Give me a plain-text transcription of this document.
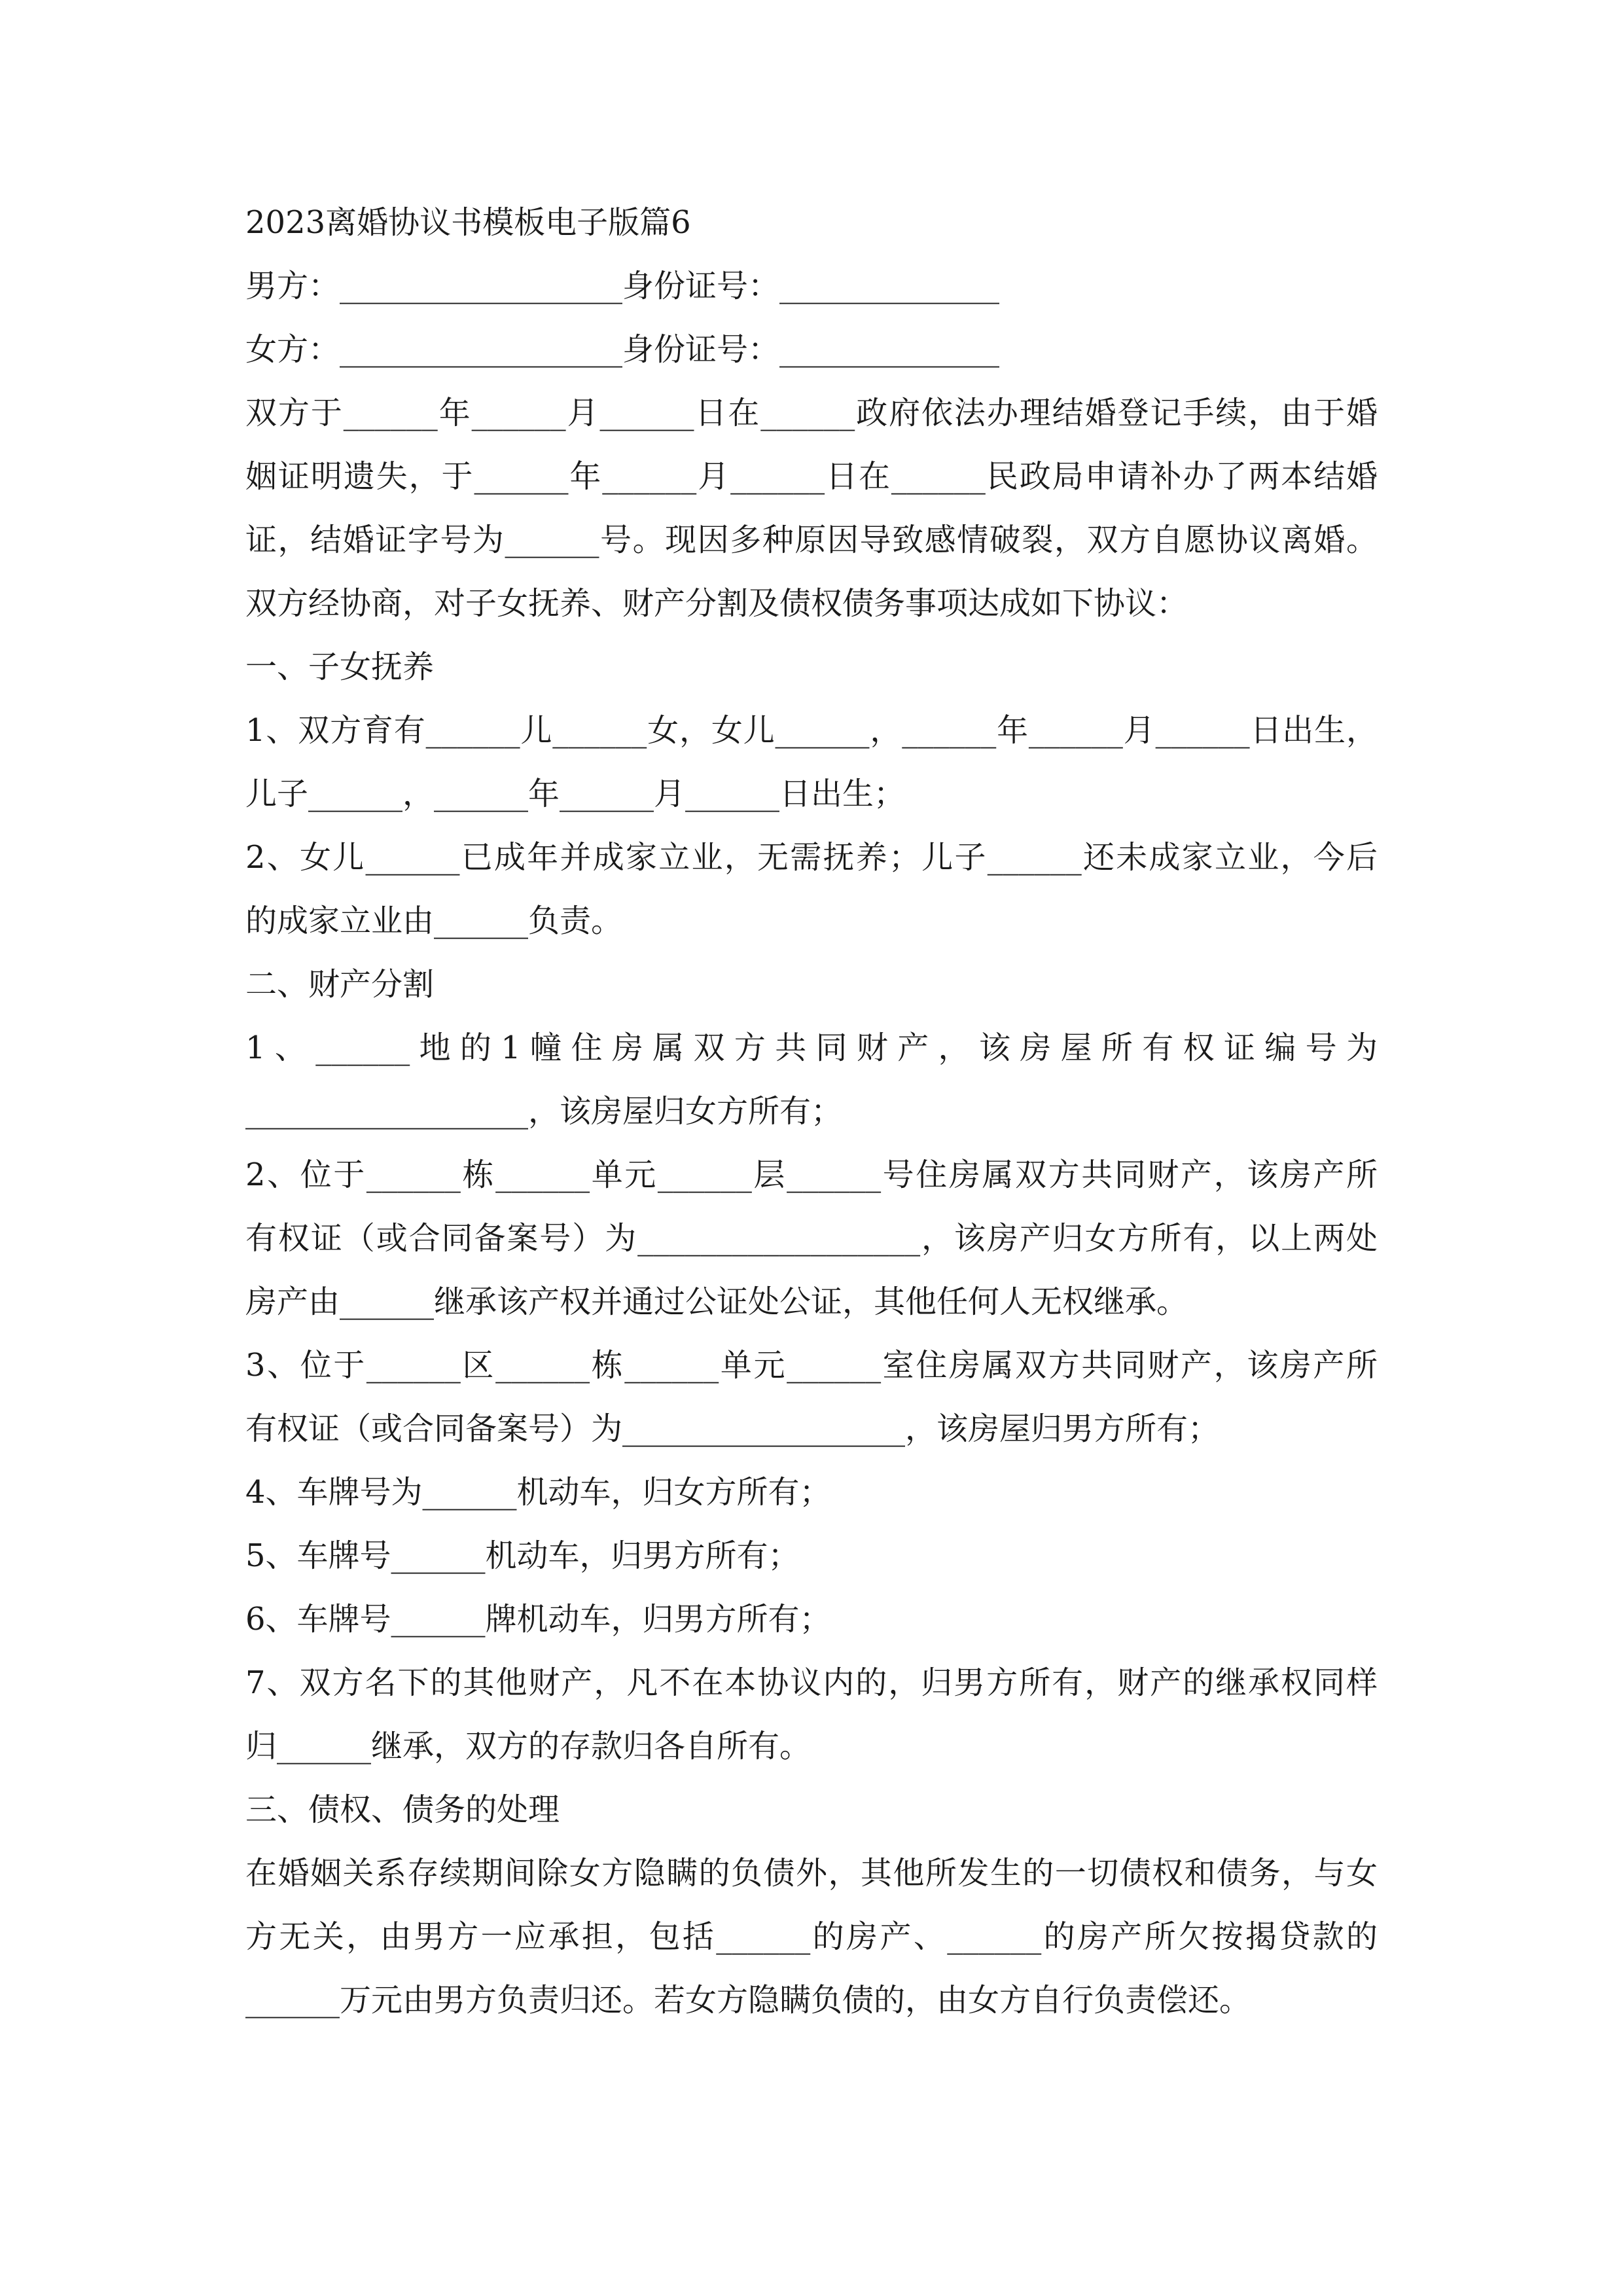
2023离婚协议书模板电子版篇6
男方：__________________身份证号：______________
女方：__________________身份证号：______________
双方于______年______月______日在______政府依法办理结婚登记手续，由于婚
姻证明遗失，于______年______月______日在______民政局申请补办了两本结婚
证，结婚证字号为______号。现因多种原因导致感情破裂，双方自愿协议离婚。
双方经协商，对子女抚养、财产分割及债权债务事项达成如下协议：
一、子女抚养
1、双方育有______儿______女，女儿______，______年______月______日出生，
儿子______，______年______月______日出生；
2、女儿______已成年并成家立业，无需抚养；儿子______还未成家立业，今后
的成家立业由______负责。
二、财产分割
1、______地的1幢住房属双方共同财产，该房屋所有权证编号为
__________________，该房屋归女方所有；
2、位于______栋______单元______层______号住房属双方共同财产，该房产所
有权证（或合同备案号）为__________________，该房产归女方所有，以上两处
房产由______继承该产权并通过公证处公证，其他任何人无权继承。
3、位于______区______栋______单元______室住房属双方共同财产，该房产所
有权证（或合同备案号）为__________________，该房屋归男方所有；
4、车牌号为______机动车，归女方所有；
5、车牌号______机动车，归男方所有；
6、车牌号______牌机动车，归男方所有；
7、双方名下的其他财产，凡不在本协议内的，归男方所有，财产的继承权同样
归______继承，双方的存款归各自所有。
三、债权、债务的处理
在婚姻关系存续期间除女方隐瞒的负债外，其他所发生的一切债权和债务，与女
方无关，由男方一应承担，包括______的房产、______的房产所欠按揭贷款的
______万元由男方负责归还。若女方隐瞒负债的，由女方自行负责偿还。
